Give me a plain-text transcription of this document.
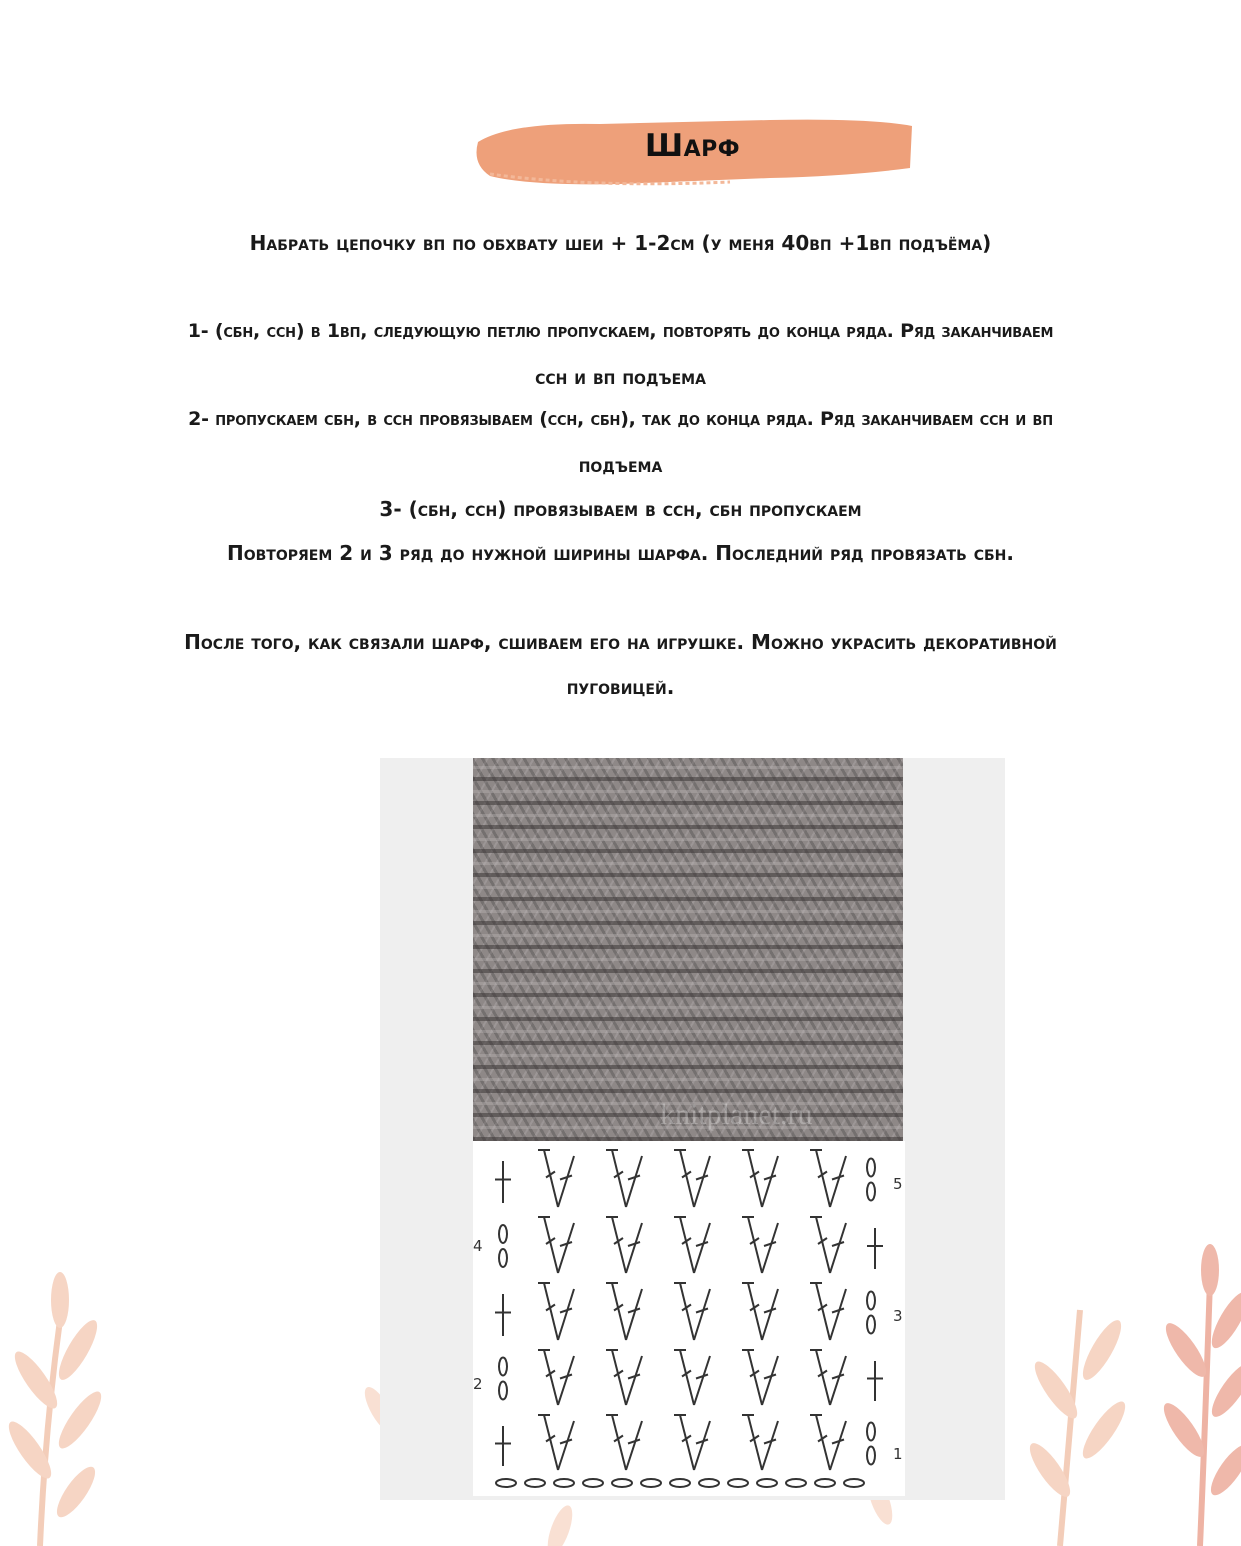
Шарф
Набрать цепочку вп по обхвату шеи + 1-2см (у меня 40вп +1вп подъёма)
1- (сбн, ссн) в 1вп, следующую петлю пропускаем, повторять до конца ряда. Ряд заканчиваем
ссн и вп подъема
2- пропускаем сбн, в ссн провязываем (ссн, сбн), так до конца ряда. Ряд заканчиваем ссн и вп
подъема
3- (сбн, ссн) провязываем в ссн, сбн пропускаем
Повторяем 2 и 3 ряд до нужной ширины шарфа. Последний ряд провязать сбн.
После того, как связали шарф, сшиваем его на игрушке. Можно украсить декоративной
пуговицей.
knitplanet.ru
5
4
3
2
1
